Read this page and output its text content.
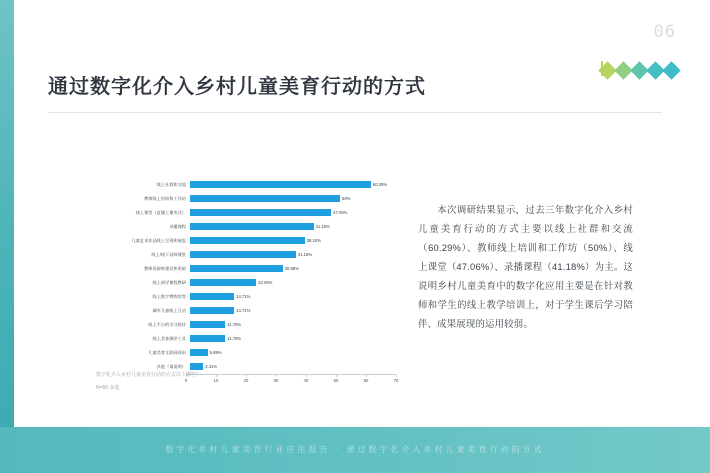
06
通过数字化介入乡村儿童美育行动的方式
线上社群和交流	60.29%
教师线上培训和工作坊	50%
线上课堂（直播上课形式）	47.06%
录播课程	41.18%
儿童艺术作品线上呈现和展览	38.24%
线上/线下双师课堂	41.18%
教师资源库建设和更新	30.88%
线上研学课程教研	22.06%
线上数字博物馆等	14.71%
城市儿童线上互动	14.71%
线上平台的学习陪伴	11.76%
线上美育测评工具	11.76%
儿童美育互联网资讯	5.88%
其他（请说明）	4.41%
0	10	20	30	40	50	60	70
数字化介入乡村儿童美育行动的方式以下哪些？
N=60 多选
本次调研结果显示，过去三年数字化介入乡村儿童美育行动的方式主要以线上社群和交流（60.29%）、教师线上培训和工作坊（50%）、线上课堂（47.06%）、录播课程（41.18%）为主。这说明乡村儿童美育中的数字化应用主要是在针对教师和学生的线上教学培训上，对于学生课后学习陪伴、成果展现的运用较弱。
数字化乡村儿童美育行业应用报告 · 通过数字化介入乡村儿童美育行动的方式
